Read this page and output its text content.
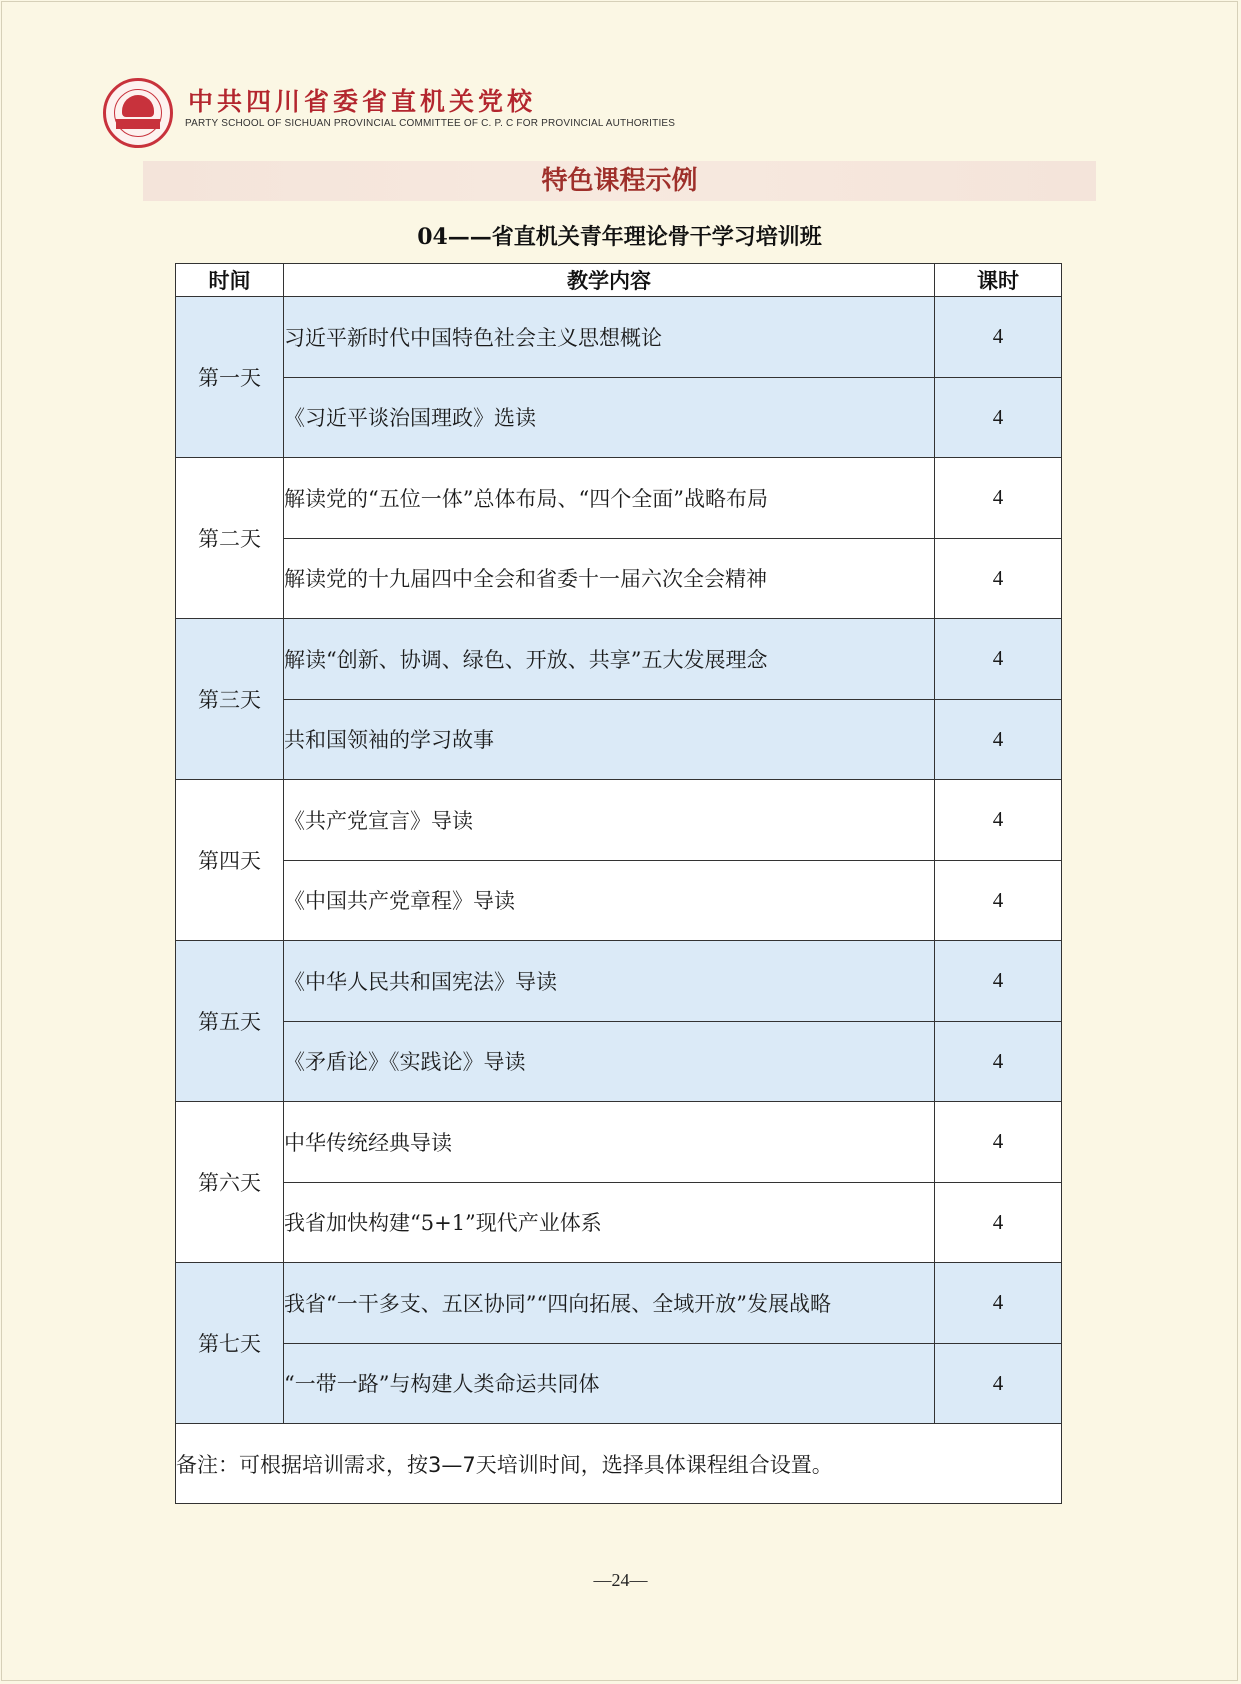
中共四川省委省直机关党校
PARTY SCHOOL OF SICHUAN PROVINCIAL COMMITTEE OF C. P. C FOR PROVINCIAL AUTHORITIES
特色课程示例
04——省直机关青年理论骨干学习培训班
时间	教学内容	课时
第一天	习近平新时代中国特色社会主义思想概论	4
	《习近平谈治国理政》选读	4
第二天	解读党的“五位一体”总体布局、“四个全面”战略布局	4
	解读党的十九届四中全会和省委十一届六次全会精神	4
第三天	解读“创新、协调、绿色、开放、共享”五大发展理念	4
	共和国领袖的学习故事	4
第四天	《共产党宣言》导读	4
	《中国共产党章程》导读	4
第五天	《中华人民共和国宪法》导读	4
	《矛盾论》《实践论》导读	4
第六天	中华传统经典导读	4
	我省加快构建“5+1”现代产业体系	4
第七天	我省“一干多支、五区协同”“四向拓展、全域开放”发展战略	4
	“一带一路”与构建人类命运共同体	4
备注：可根据培训需求，按3—7天培训时间，选择具体课程组合设置。		
—24—
